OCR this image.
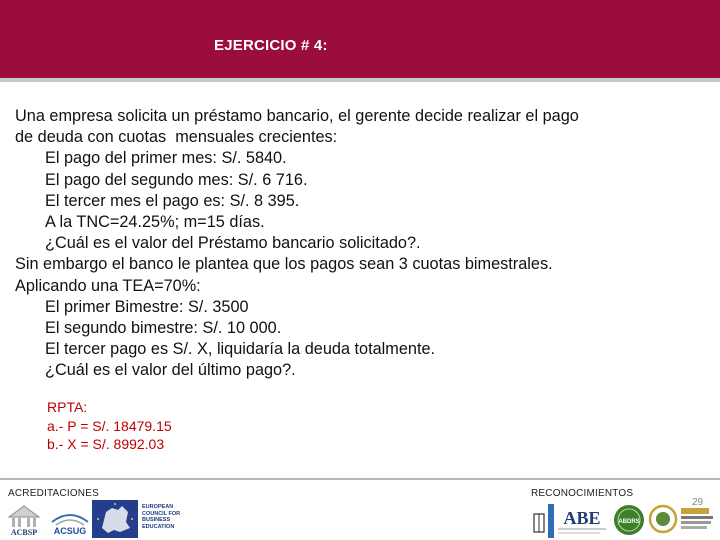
EJERCICIO # 4:
Una empresa solicita un préstamo bancario, el gerente decide realizar el pago
de deuda con cuotas  mensuales crecientes:
El pago del primer mes: S/. 5840.
El pago del segundo mes: S/. 6 716.
El tercer mes el pago es: S/. 8 395.
A la TNC=24.25%; m=15 días.
¿Cuál es el valor del Préstamo bancario solicitado?.
Sin embargo el banco le plantea que los pagos sean 3 cuotas bimestrales.
Aplicando una TEA=70%:
El primer Bimestre: S/. 3500
El segundo bimestre: S/. 10 000.
El tercer pago es S/. X, liquidaría la deuda totalmente.
¿Cuál es el valor del último pago?.
RPTA:
a.- P = S/. 18479.15
b.- X = S/. 8992.03
ACREDITACIONES	RECONOCIMIENTOS
29
ACBSP ACSUG
EUROPEAN
COUNCIL FOR
BUSINESS
EDUCATION	ABE	ABDRS
